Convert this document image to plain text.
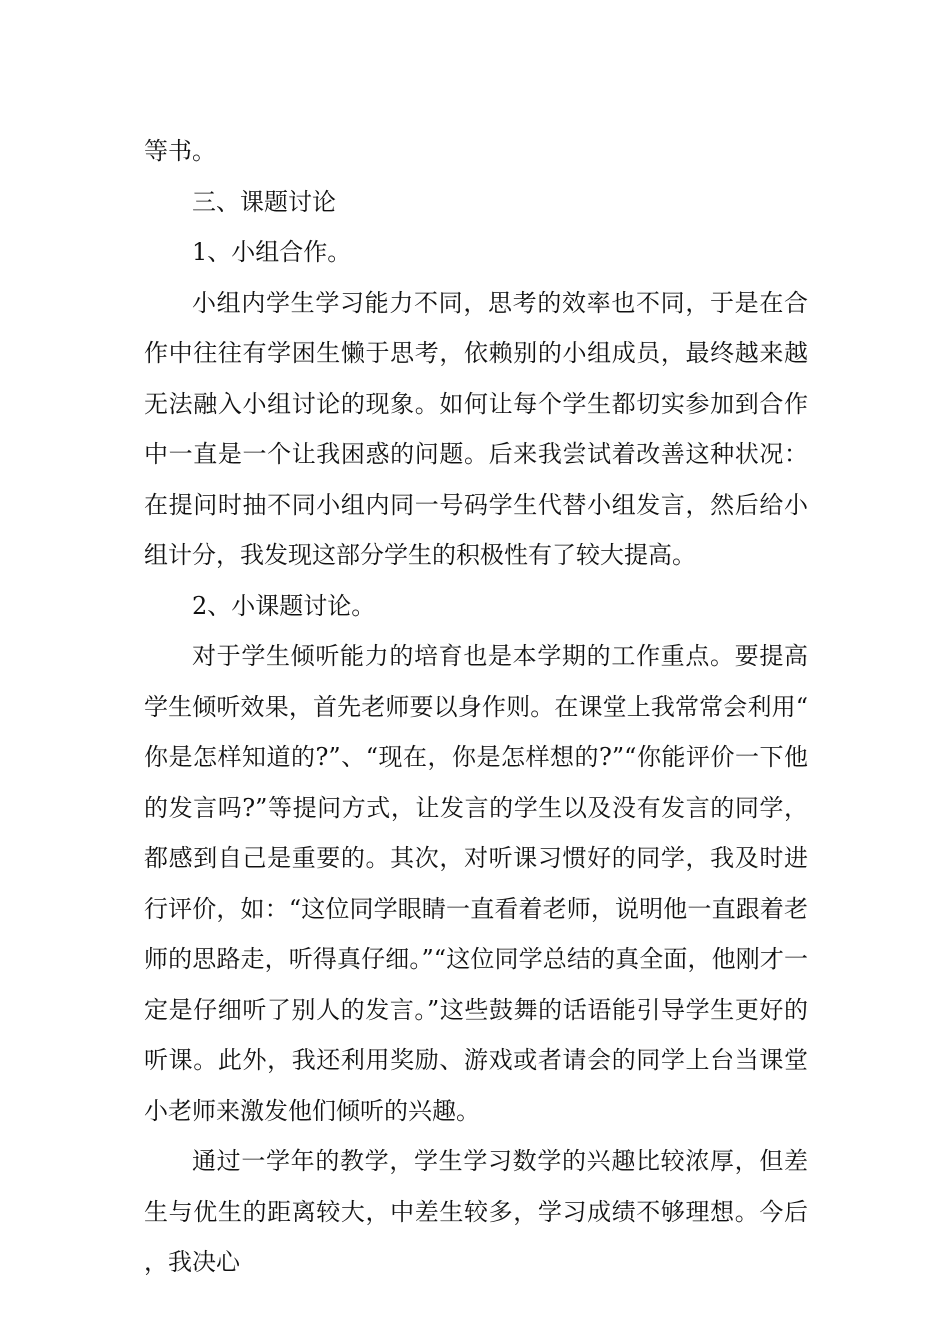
等书。

三、课题讨论

1、小组合作。

小组内学生学习能力不同，思考的效率也不同，于是在合作中往往有学困生懒于思考，依赖别的小组成员，最终越来越无法融入小组讨论的现象。如何让每个学生都切实参加到合作中一直是一个让我困惑的问题。后来我尝试着改善这种状况：在提问时抽不同小组内同一号码学生代替小组发言，然后给小组计分，我发现这部分学生的积极性有了较大提高。

2、小课题讨论。

对于学生倾听能力的培育也是本学期的工作重点。要提高学生倾听效果，首先老师要以身作则。在课堂上我常常会利用“你是怎样知道的?”、“现在，你是怎样想的?”“你能评价一下他的发言吗?”等提问方式，让发言的学生以及没有发言的同学，都感到自己是重要的。其次，对听课习惯好的同学，我及时进行评价，如：“这位同学眼睛一直看着老师，说明他一直跟着老师的思路走，听得真仔细。”“这位同学总结的真全面，他刚才一定是仔细听了别人的发言。”这些鼓舞的话语能引导学生更好的听课。此外，我还利用奖励、游戏或者请会的同学上台当课堂小老师来激发他们倾听的兴趣。

通过一学年的教学，学生学习数学的兴趣比较浓厚，但差生与优生的距离较大，中差生较多，学习成绩不够理想。今后，我决心
